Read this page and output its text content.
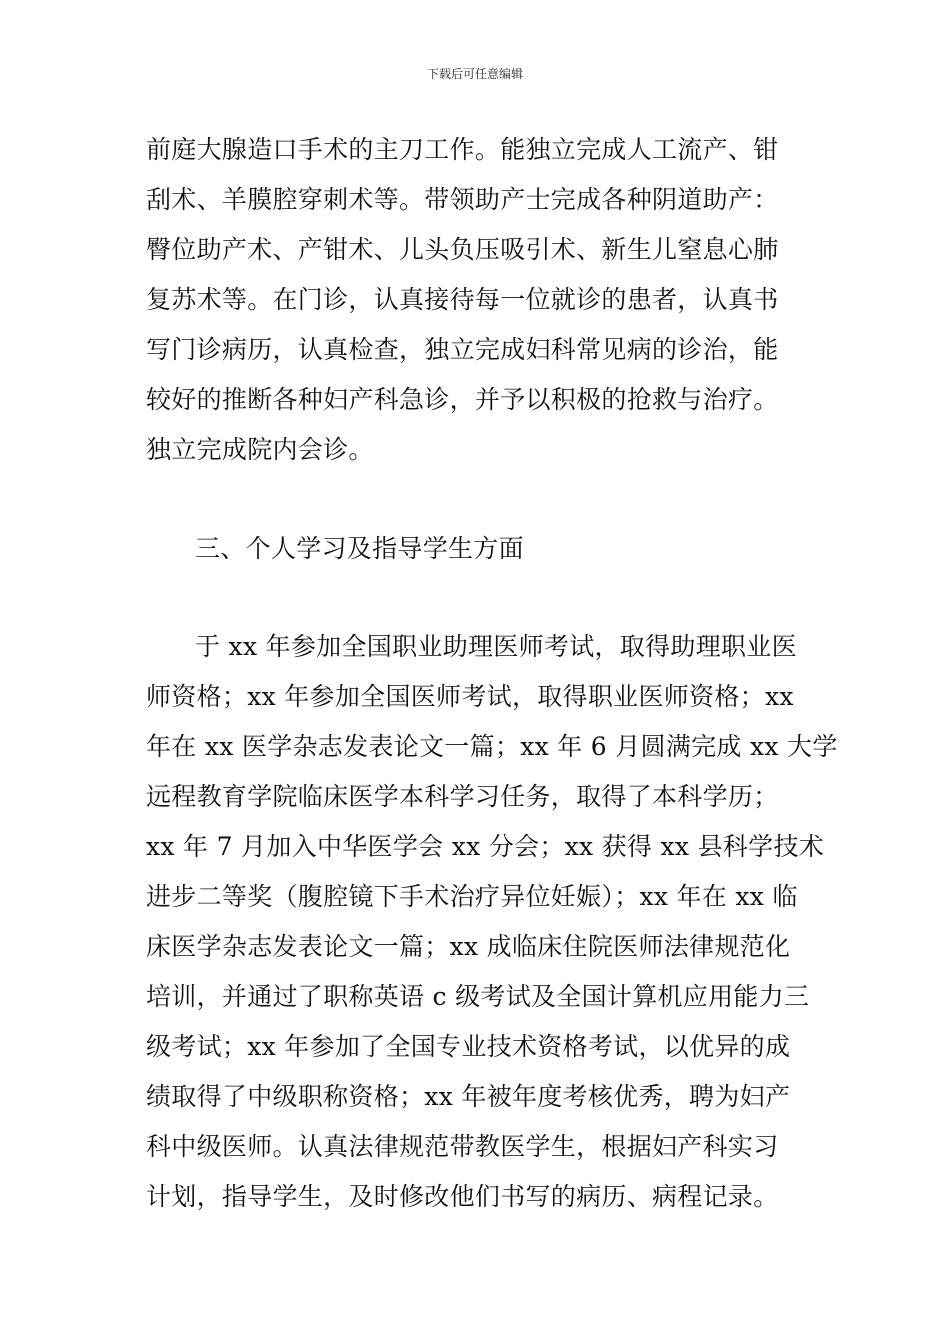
下载后可任意编辑
前庭大腺造口手术的主刀工作。能独立完成人工流产、钳
刮术、羊膜腔穿刺术等。带领助产士完成各种阴道助产：
臀位助产术、产钳术、儿头负压吸引术、新生儿窒息心肺
复苏术等。在门诊，认真接待每一位就诊的患者，认真书
写门诊病历，认真检查，独立完成妇科常见病的诊治，能
较好的推断各种妇产科急诊，并予以积极的抢救与治疗。
独立完成院内会诊。
三、个人学习及指导学生方面
于 xx 年参加全国职业助理医师考试，取得助理职业医
师资格；xx 年参加全国医师考试，取得职业医师资格；xx
年在 xx 医学杂志发表论文一篇；xx 年 6 月圆满完成 xx 大学
远程教育学院临床医学本科学习任务，取得了本科学历；
xx 年 7 月加入中华医学会 xx 分会；xx 获得 xx 县科学技术
进步二等奖（腹腔镜下手术治疗异位妊娠）；xx 年在 xx 临
床医学杂志发表论文一篇；xx 成临床住院医师法律规范化
培训，并通过了职称英语 c 级考试及全国计算机应用能力三
级考试；xx 年参加了全国专业技术资格考试，以优异的成
绩取得了中级职称资格；xx 年被年度考核优秀，聘为妇产
科中级医师。认真法律规范带教医学生，根据妇产科实习
计划，指导学生，及时修改他们书写的病历、病程记录。
